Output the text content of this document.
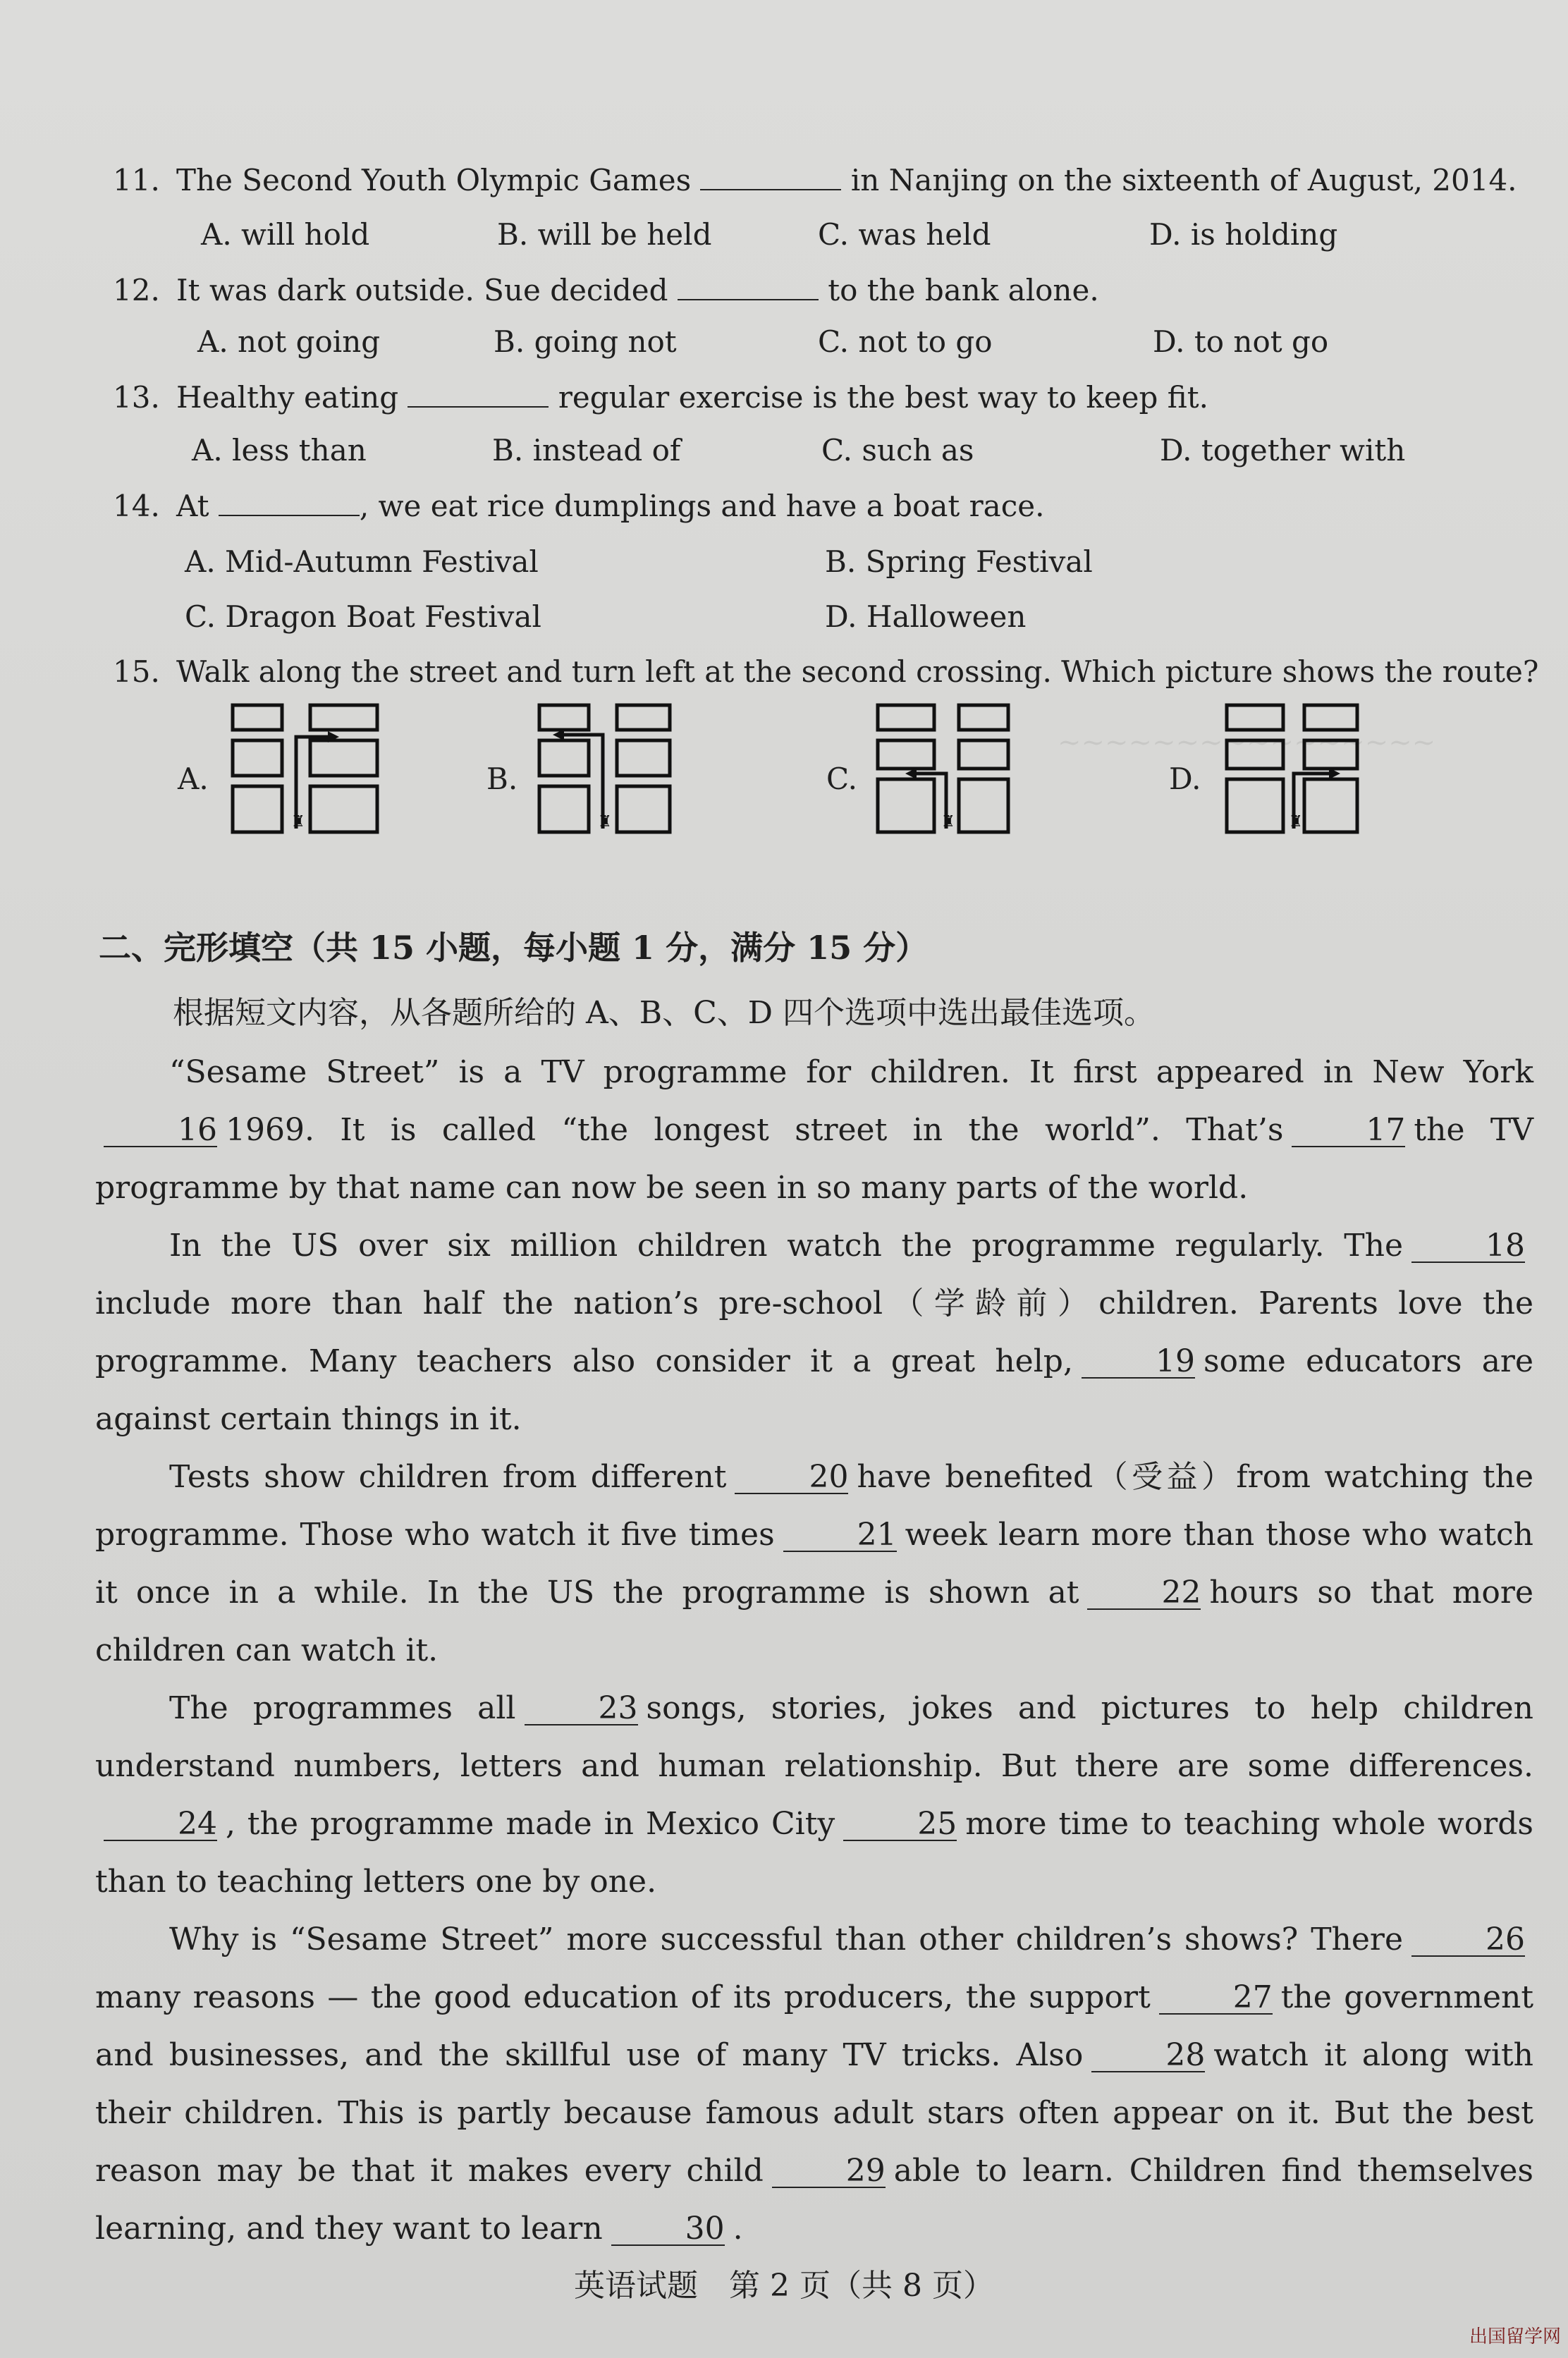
~~~~~~~~~~~~~~~~
11. The Second Youth Olympic Games	in Nanjing on the sixteenth of August, 2014.
A. will hold	B. will be held	C. was held	D. is holding
12. It was dark outside. Sue decided	to the bank alone.
A. not going	B. going not	C. not to go	D. to not go
13. Healthy eating	regular exercise is the best way to keep fit.
A. less than	B. instead of	C. such as	D. together with
14. At	, we eat rice dumplings and have a boat race.
A. Mid-Autumn Festival	B. Spring Festival
C. Dragon Boat Festival	D. Halloween
15. Walk along the street and turn left at the second crossing. Which picture shows the route?
A.
♜
B.
♜
C.
♜
D.
♜
二、完形填空（共 15 小题，每小题 1 分，满分 15 分）
根据短文内容，从各题所给的 A、B、C、D 四个选项中选出最佳选项。

“Sesame Street” is a TV programme for children. It first appeared in New York16 1969. It is called “the longest street in the world”. That’s	17 the TV programme by that name can now be seen in so many parts of the world.

In the US over six million children watch the programme regularly. The	18include more than half the nation’s pre-school（学龄前）children. Parents love the programme. Many teachers also consider it a great help,	19 some educators are against certain things in it.

Tests show children from different	20 have benefited（受益）from watching the programme. Those who watch it five times	21 week learn more than those who watch it once in a while. In the US the programme is shown at	22 hours so that more children can watch it.

The programmes all	23 songs, stories, jokes and pictures to help children understand numbers, letters and human relationship. But there are some differences.24 , the programme made in Mexico City	25 more time to teaching whole words than to teaching letters one by one.

Why is “Sesame Street” more successful than other children’s shows? There	26many reasons — the good education of its producers, the support	27 the government and businesses, and the skillful use of many TV tricks. Also	28 watch it along with their children. This is partly because famous adult stars often appear on it. But the best reason may be that it makes every child	29 able to learn. Children find themselves learning, and they want to learn	30 .

英语试题　第 2 页（共 8 页）
出国留学网
